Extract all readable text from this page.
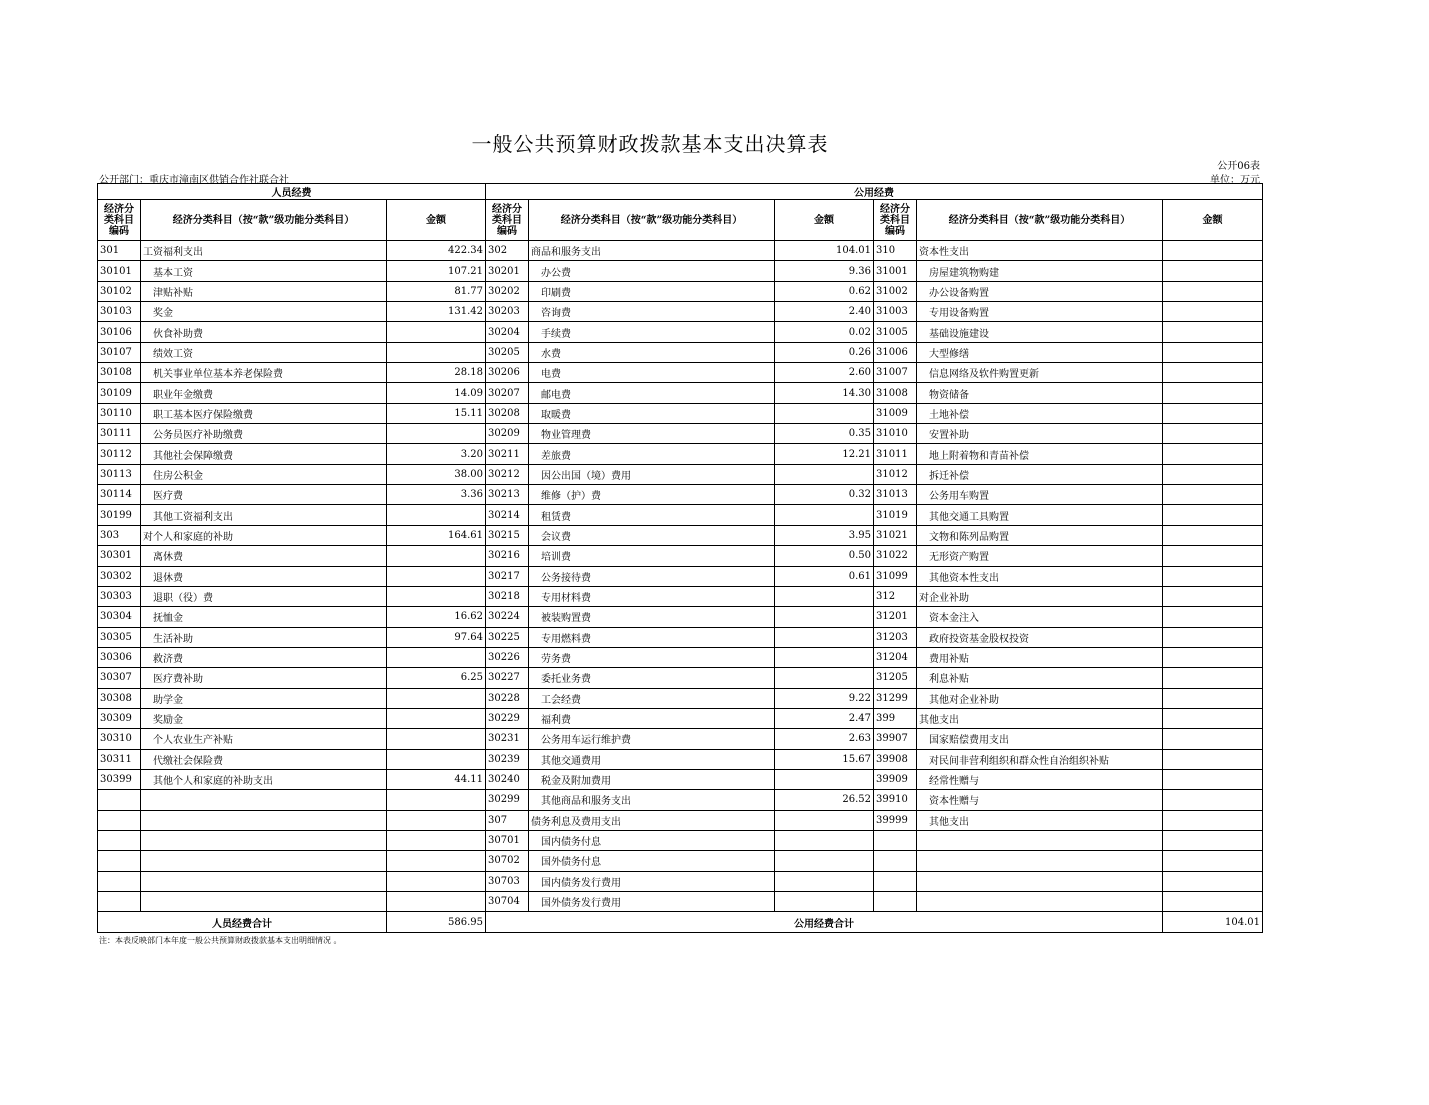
一般公共预算财政拨款基本支出决算表
公开06表
公开部门：重庆市潼南区供销合作社联合社	单位：万元
人员经费			公用经费					
经济分类科目编码	经济分类科目（按“款”级功能分类科目）	金额	经济分类科目编码	经济分类科目（按“款”级功能分类科目）	金额	经济分类科目编码	经济分类科目（按“款”级功能分类科目）	金额
301	工资福利支出	422.34	302	商品和服务支出	104.01	310	资本性支出	
30101	基本工资	107.21	30201	办公费	9.36	31001	房屋建筑物购建	
30102	津贴补贴	81.77	30202	印刷费	0.62	31002	办公设备购置	
30103	奖金	131.42	30203	咨询费	2.40	31003	专用设备购置	
30106	伙食补助费		30204	手续费	0.02	31005	基础设施建设	
30107	绩效工资		30205	水费	0.26	31006	大型修缮	
30108	机关事业单位基本养老保险费	28.18	30206	电费	2.60	31007	信息网络及软件购置更新	
30109	职业年金缴费	14.09	30207	邮电费	14.30	31008	物资储备	
30110	职工基本医疗保险缴费	15.11	30208	取暖费		31009	土地补偿	
30111	公务员医疗补助缴费		30209	物业管理费	0.35	31010	安置补助	
30112	其他社会保障缴费	3.20	30211	差旅费	12.21	31011	地上附着物和青苗补偿	
30113	住房公积金	38.00	30212	因公出国（境）费用		31012	拆迁补偿	
30114	医疗费	3.36	30213	维修（护）费	0.32	31013	公务用车购置	
30199	其他工资福利支出		30214	租赁费		31019	其他交通工具购置	
303	对个人和家庭的补助	164.61	30215	会议费	3.95	31021	文物和陈列品购置	
30301	离休费		30216	培训费	0.50	31022	无形资产购置	
30302	退休费		30217	公务接待费	0.61	31099	其他资本性支出	
30303	退职（役）费		30218	专用材料费		312	对企业补助	
30304	抚恤金	16.62	30224	被装购置费		31201	资本金注入	
30305	生活补助	97.64	30225	专用燃料费		31203	政府投资基金股权投资	
30306	救济费		30226	劳务费		31204	费用补贴	
30307	医疗费补助	6.25	30227	委托业务费		31205	利息补贴	
30308	助学金		30228	工会经费	9.22	31299	其他对企业补助	
30309	奖励金		30229	福利费	2.47	399	其他支出	
30310	个人农业生产补贴		30231	公务用车运行维护费	2.63	39907	国家赔偿费用支出	
30311	代缴社会保险费		30239	其他交通费用	15.67	39908	对民间非营利组织和群众性自治组织补贴	
30399	其他个人和家庭的补助支出	44.11	30240	税金及附加费用		39909	经常性赠与	
			30299	其他商品和服务支出	26.52	39910	资本性赠与	
			307	债务利息及费用支出		39999	其他支出	
			30701	国内债务付息				
			30702	国外债务付息				
			30703	国内债务发行费用				
			30704	国外债务发行费用				
人员经费合计		586.95	公用经费合计					104.01
注：本表反映部门本年度一般公共预算财政拨款基本支出明细情况 。
